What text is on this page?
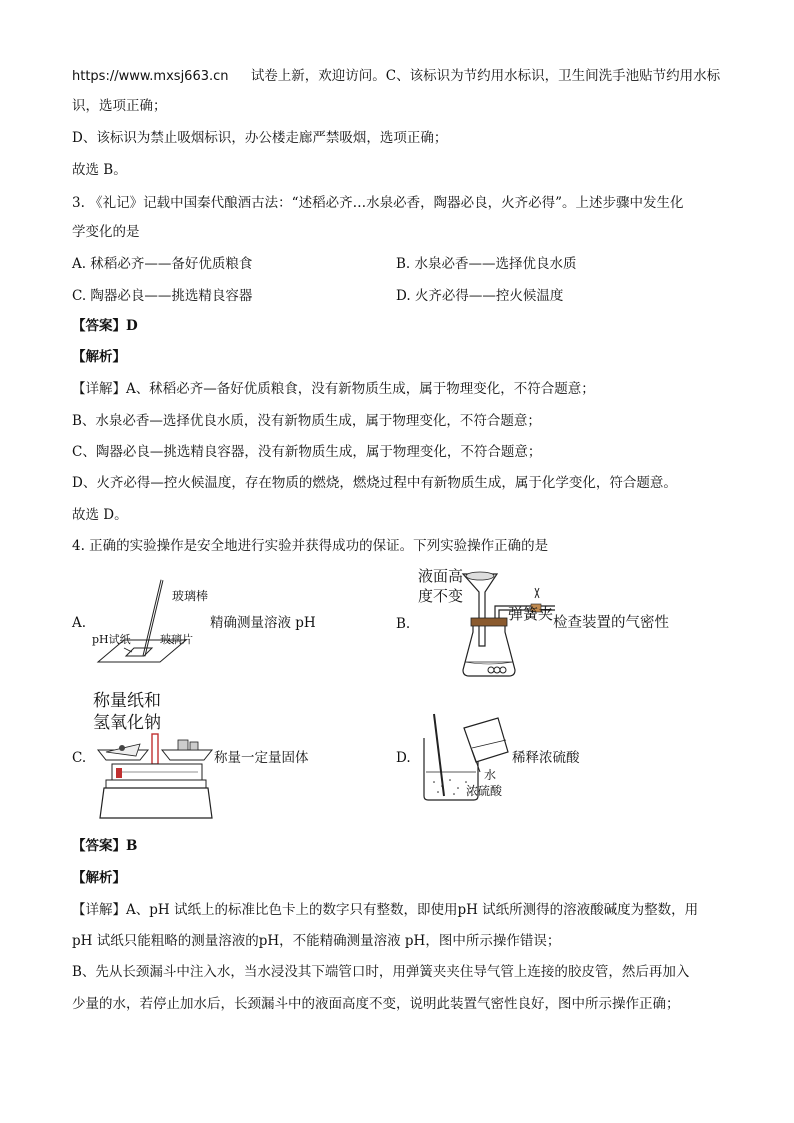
https://www.mxsj663.cn 试卷上新，欢迎访问。C、该标识为节约用水标识，卫生间洗手池贴节约用水标
识，选项正确；
D、该标识为禁止吸烟标识，办公楼走廊严禁吸烟，选项正确；
故选 B。
3. 《礼记》记载中国秦代酿酒古法：“述稻必齐…水泉必香，陶器必良，火齐必得”。上述步骤中发生化
学变化的是
A. 秫稻必齐——备好优质粮食	B. 水泉必香——选择优良水质
C. 陶器必良——挑选精良容器	D. 火齐必得——控火候温度
【答案】D
【解析】
【详解】A、秫稻必齐—备好优质粮食，没有新物质生成，属于物理变化，不符合题意；
B、水泉必香—选择优良水质，没有新物质生成，属于物理变化，不符合题意；
C、陶器必良—挑选精良容器，没有新物质生成，属于物理变化，不符合题意；
D、火齐必得—控火候温度，存在物质的燃烧，燃烧过程中有新物质生成，属于化学变化，符合题意。
故选 D。
4. 正确的实验操作是安全地进行实验并获得成功的保证。下列实验操作正确的是
A.
玻璃棒
pH试纸	玻璃片
精确测量溶液 pH	B.
液面高
度不变
弹簧夹 检查装置的气密性
称量纸和
氢氧化钠
C.	称量一定量固体	D.
水
浓硫酸
稀释浓硫酸
【答案】B
【解析】
【详解】A、pH 试纸上的标准比色卡上的数字只有整数，即使用pH 试纸所测得的溶液酸碱度为整数，用
pH 试纸只能粗略的测量溶液的pH，不能精确测量溶液 pH，图中所示操作错误；
B、先从长颈漏斗中注入水，当水浸没其下端管口时，用弹簧夹夹住导气管上连接的胶皮管，然后再加入
少量的水，若停止加水后，长颈漏斗中的液面高度不变，说明此装置气密性良好，图中所示操作正确；
